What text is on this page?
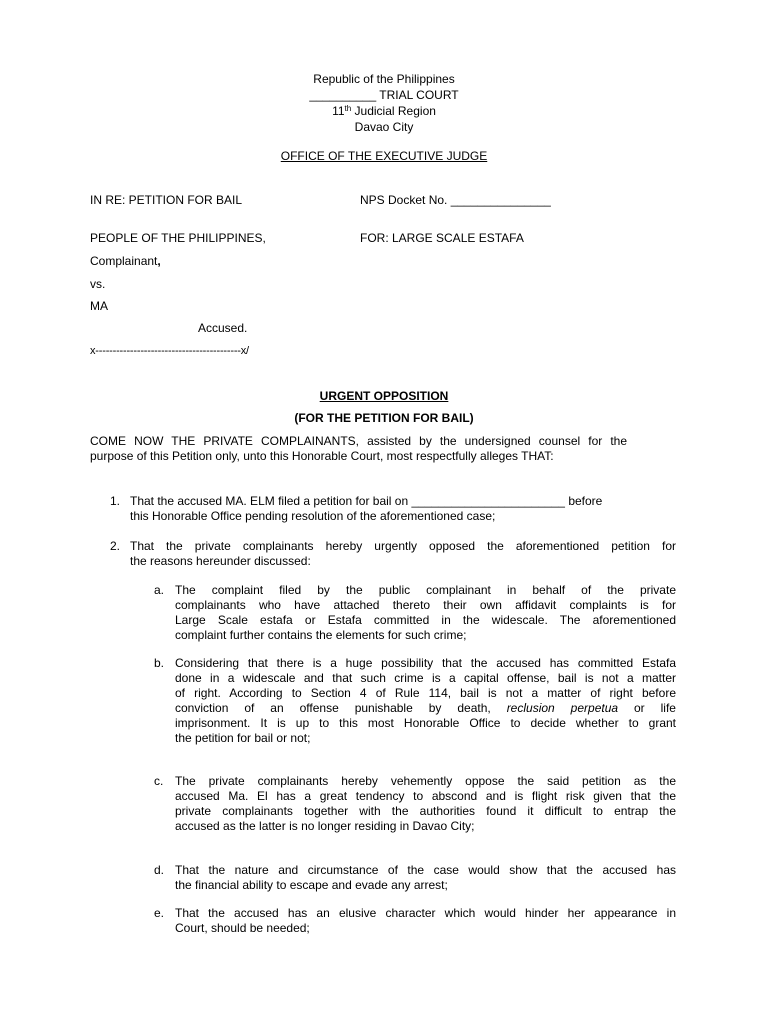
Republic of the Philippines
__________ TRIAL COURT
11th Judicial Region
Davao City
OFFICE OF THE EXECUTIVE JUDGE
IN RE: PETITION FOR BAIL	NPS Docket No. _______________
PEOPLE OF THE PHILIPPINES,	FOR: LARGE SCALE ESTAFA
Complainant,
vs.
MA
Accused.
x------------------------------------------x/
URGENT OPPOSITION
(FOR THE PETITION FOR BAIL)
COME NOW THE PRIVATE COMPLAINANTS, assisted by the undersigned counsel for the
purpose of this Petition only, unto this Honorable Court, most respectfully alleges THAT:
1. That the accused MA. ELM filed a petition for bail on _______________________ before
this Honorable Office pending resolution of the aforementioned case;
2. That the private complainants hereby urgently opposed the aforementioned petition for
the reasons hereunder discussed:
a. The complaint filed by the public complainant in behalf of the private
complainants who have attached thereto their own affidavit complaints is for
Large Scale estafa or Estafa committed in the widescale. The aforementioned
complaint further contains the elements for such crime;
b. Considering that there is a huge possibility that the accused has committed Estafa
done in a widescale and that such crime is a capital offense, bail is not a matter
of right. According to Section 4 of Rule 114, bail is not a matter of right before
conviction of an offense punishable by death, reclusion perpetua or life
imprisonment. It is up to this most Honorable Office to decide whether to grant
the petition for bail or not;
c. The private complainants hereby vehemently oppose the said petition as the
accused Ma. El has a great tendency to abscond and is flight risk given that the
private complainants together with the authorities found it difficult to entrap the
accused as the latter is no longer residing in Davao City;
d. That the nature and circumstance of the case would show that the accused has
the financial ability to escape and evade any arrest;
e. That the accused has an elusive character which would hinder her appearance in
Court, should be needed;
